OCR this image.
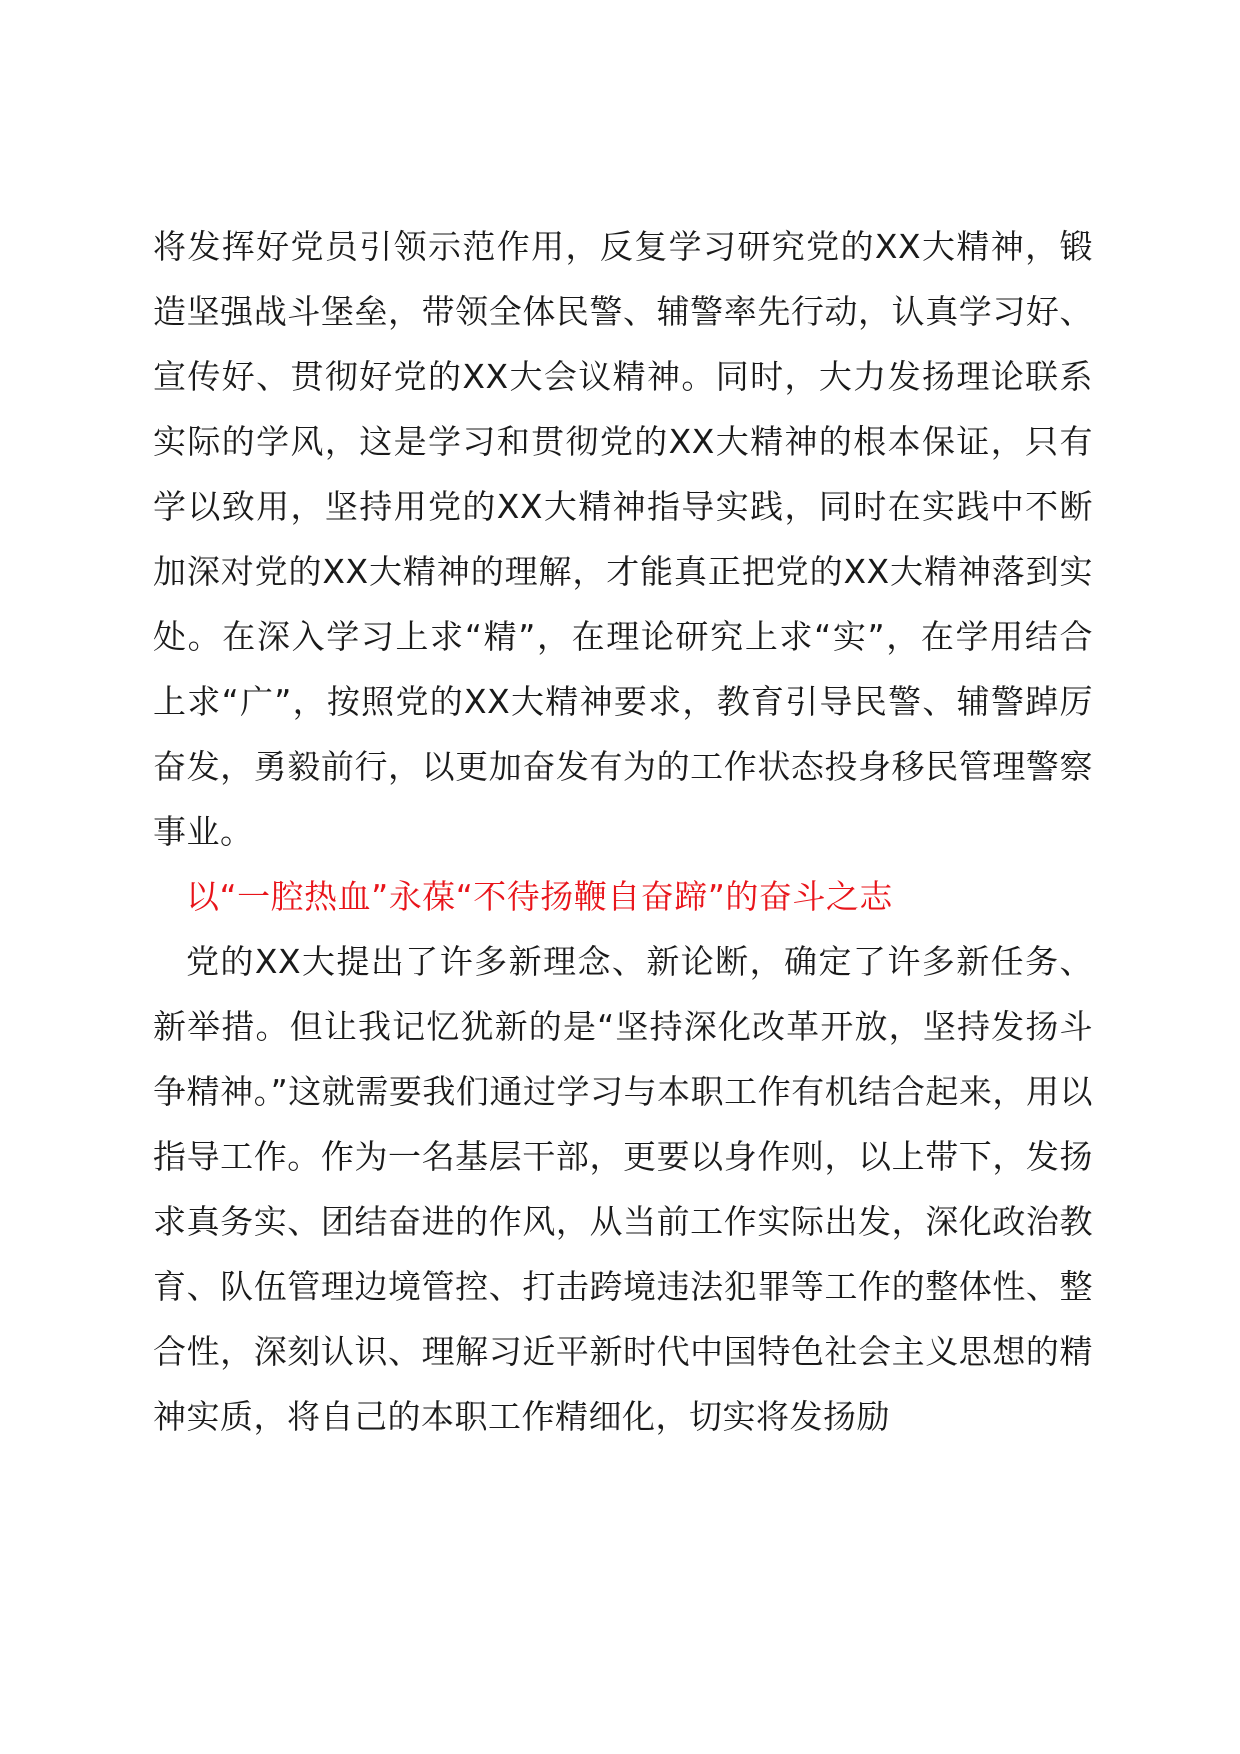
将发挥好党员引领示范作用，反复学习研究党的XX大精神，锻造坚强战斗堡垒，带领全体民警、辅警率先行动，认真学习好、宣传好、贯彻好党的XX大会议精神。同时，大力发扬理论联系实际的学风，这是学习和贯彻党的XX大精神的根本保证，只有学以致用，坚持用党的XX大精神指导实践，同时在实践中不断加深对党的XX大精神的理解，才能真正把党的XX大精神落到实处。在深入学习上求“精”，在理论研究上求“实”，在学用结合上求“广”，按照党的XX大精神要求，教育引导民警、辅警踔厉奋发，勇毅前行，以更加奋发有为的工作状态投身移民管理警察事业。

以“一腔热血”永葆“不待扬鞭自奋蹄”的奋斗之志

党的XX大提出了许多新理念、新论断，确定了许多新任务、新举措。但让我记忆犹新的是“坚持深化改革开放，坚持发扬斗争精神。”这就需要我们通过学习与本职工作有机结合起来，用以指导工作。作为一名基层干部，更要以身作则，以上带下，发扬求真务实、团结奋进的作风，从当前工作实际出发，深化政治教育、队伍管理边境管控、打击跨境违法犯罪等工作的整体性、整合性，深刻认识、理解习近平新时代中国特色社会主义思想的精神实质，将自己的本职工作精细化，切实将发扬励
